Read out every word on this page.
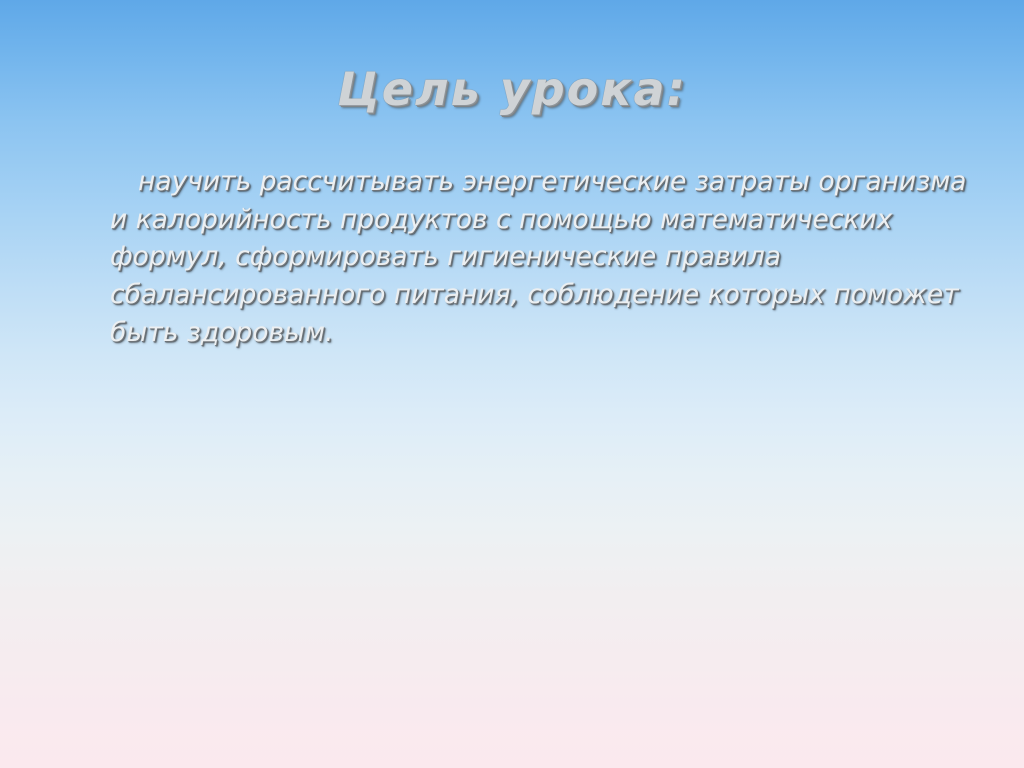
Цель урока:
научить рассчитывать энергетические затраты организма и калорийность продуктов с помощью математических формул, сформировать гигиенические правила сбалансированного питания, соблюдение которых поможет быть здоровым.
